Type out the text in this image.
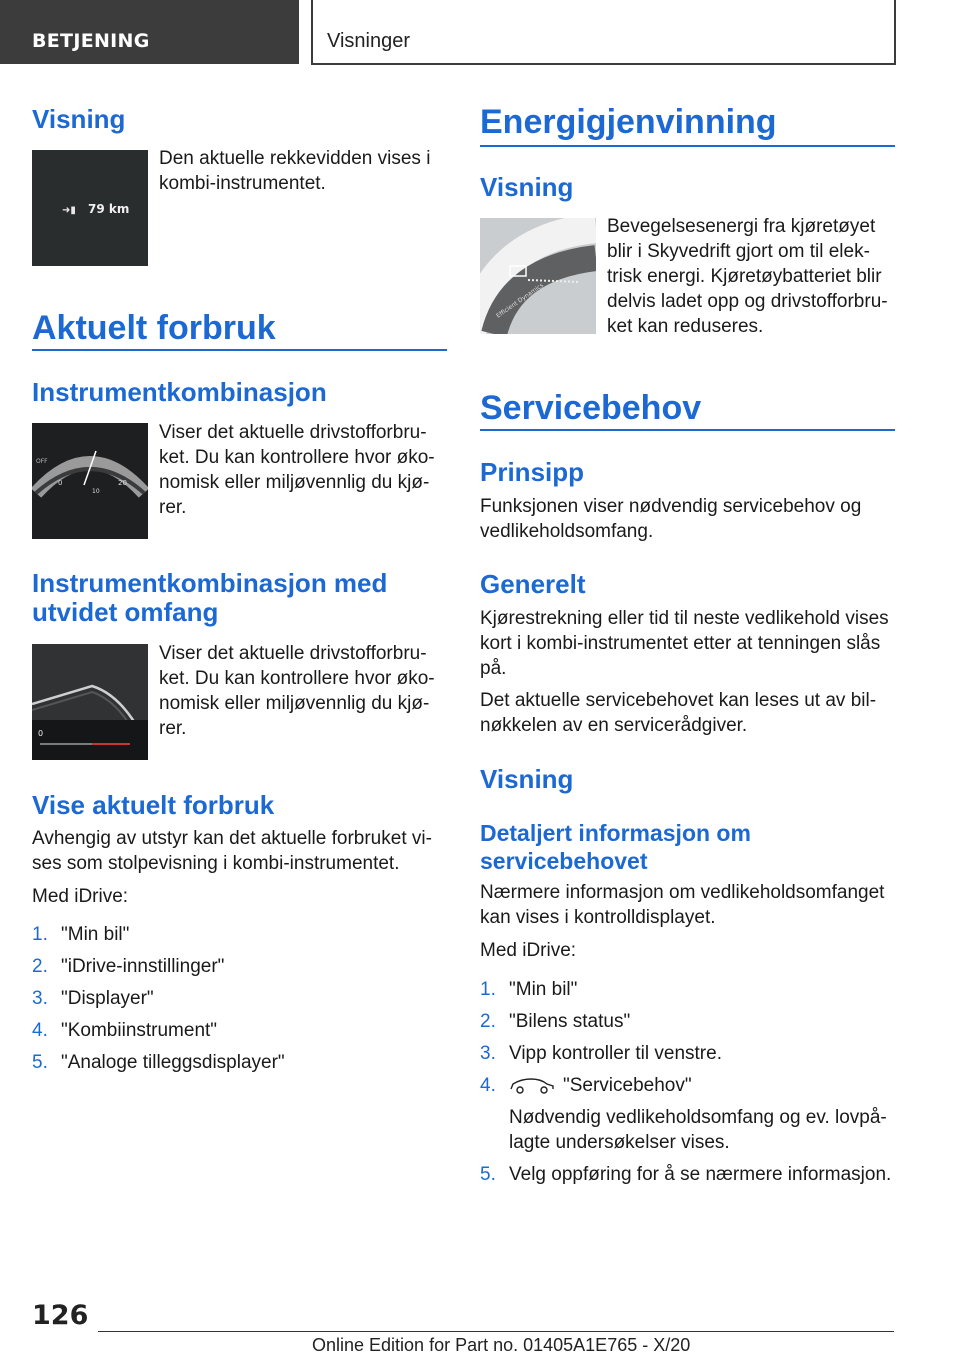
BETJENING	Visninger
Visning
➜▮ 79 km

Den aktuelle rekkevidden vises i kombi-instrumentet.

Aktuelt forbruk
Instrumentkombinasjon
0	20
10
OFF

Viser det aktuelle drivstofforbru-ket. Du kan kontrollere hvor øko-nomisk eller miljøvennlig du kjø-rer.

Instrumentkombinasjon med utvidet omfang
0

Viser det aktuelle drivstofforbru-ket. Du kan kontrollere hvor øko-nomisk eller miljøvennlig du kjø-rer.

Vise aktuelt forbruk

Avhengig av utstyr kan det aktuelle forbruket vi-ses som stolpevisning i kombi-instrumentet.

Med iDrive:

1. "Min bil"
2. "iDrive-innstillinger"
3. "Displayer"
4. "Kombiinstrument"
5. "Analoge tilleggsdisplayer"
Energigjenvinning
Visning
Efficient Dynamics

Bevegelsesenergi fra kjøretøyet blir i Skyvedrift gjort om til elek-trisk energi. Kjøretøybatteriet blir delvis ladet opp og drivstofforbru-ket kan reduseres.

Servicebehov
Prinsipp

Funksjonen viser nødvendig servicebehov og vedlikeholdsomfang.

Generelt

Kjørestrekning eller tid til neste vedlikehold vises kort i kombi-instrumentet etter at tenningen slås på.

Det aktuelle servicebehovet kan leses ut av bil-nøkkelen av en servicerådgiver.

Visning
Detaljert informasjon om servicebehovet

Nærmere informasjon om vedlikeholdsomfanget kan vises i kontrolldisplayet.

Med iDrive:

1. "Min bil"
2. "Bilens status"
3. Vipp kontroller til venstre.
4.	"Servicebehov"
Nødvendig vedlikeholdsomfang og ev. lovpå-lagte undersøkelser vises.
5. Velg oppføring for å se nærmere informasjon.
126
Online Edition for Part no. 01405A1E765 - X/20
